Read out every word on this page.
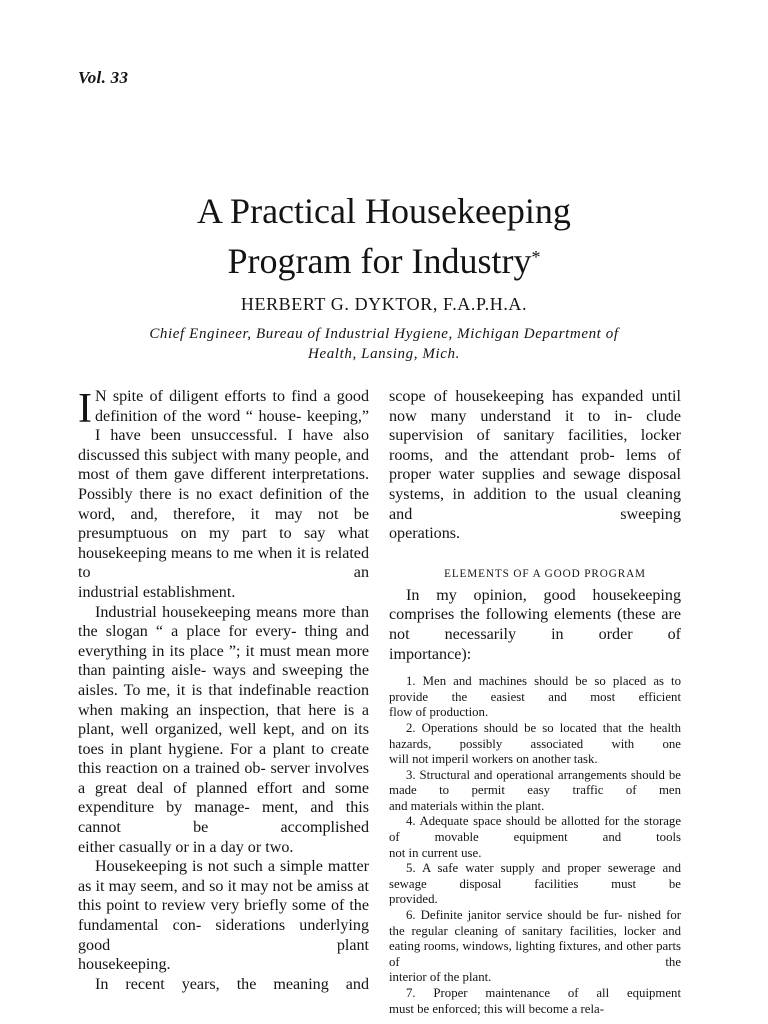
Vol. 33
A Practical Housekeeping
Program for Industry*
HERBERT G. DYKTOR, F.A.P.H.A.
Chief Engineer, Bureau of Industrial Hygiene, Michigan Department of
Health, Lansing, Mich.
I N spite of diligent efforts to find a good definition of the word “ house- keeping,” I have been unsuccessful. I have also discussed this subject with many people, and most of them gave different interpretations. Possibly there is no exact definition of the word, and, therefore, it may not be presumptuous on my part to say what housekeeping means to me when it is related to an
industrial establishment.
Industrial housekeeping means more than the slogan “ a place for every- thing and everything in its place ”; it must mean more than painting aisle- ways and sweeping the aisles. To me, it is that indefinable reaction when making an inspection, that here is a plant, well organized, well kept, and on its toes in plant hygiene. For a plant to create this reaction on a trained ob- server involves a great deal of planned effort and some expenditure by manage- ment, and this cannot be accomplished
either casually or in a day or two.
Housekeeping is not such a simple matter as it may seem, and so it may not be amiss at this point to review very briefly some of the fundamental con- siderations underlying good plant
housekeeping.
In recent years, the meaning and
scope of housekeeping has expanded until now many understand it to in- clude supervision of sanitary facilities, locker rooms, and the attendant prob- lems of proper water supplies and sewage disposal systems, in addition to the usual cleaning and sweeping
operations.
ELEMENTS OF A GOOD PROGRAM
In my opinion, good housekeeping comprises the following elements (these are not necessarily in order of
importance):
1. Men and machines should be so placed as to provide the easiest and most efficient
flow of production.
2. Operations should be so located that the health hazards, possibly associated with one
will not imperil workers on another task.
3. Structural and operational arrangements should be made to permit easy traffic of men
and materials within the plant.
4. Adequate space should be allotted for the storage of movable equipment and tools
not in current use.
5. A safe water supply and proper sewerage and sewage disposal facilities must be
provided.
6. Definite janitor service should be fur- nished for the regular cleaning of sanitary facilities, locker and eating rooms, windows, lighting fixtures, and other parts of the
interior of the plant.
7. Proper maintenance of all equipment
must be enforced; this will become a rela-
